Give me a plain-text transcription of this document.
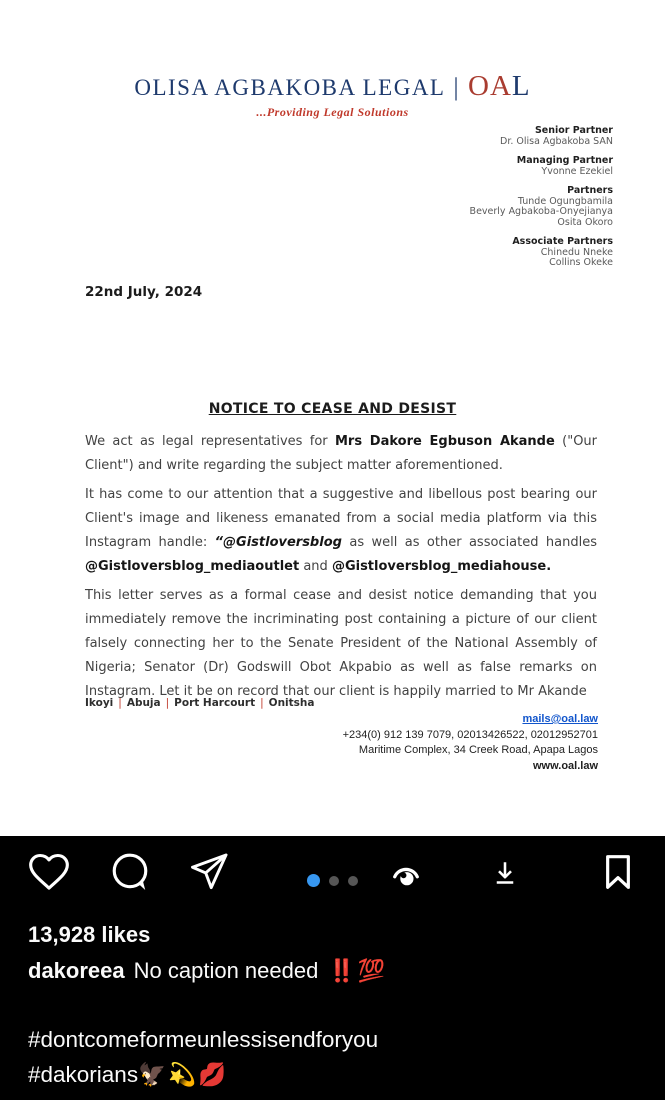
OLISA AGBAKOBA LEGAL | OAL
...Providing Legal Solutions
Senior Partner
Dr. Olisa Agbakoba SAN
Managing Partner
Yvonne Ezekiel
Partners
Tunde Ogungbamila
Beverly Agbakoba-Onyejianya
Osita Okoro
Associate Partners
Chinedu Nneke
Collins Okeke
22nd July, 2024
NOTICE TO CEASE AND DESIST

We act as legal representatives for Mrs Dakore Egbuson Akande ("Our Client") and write regarding the subject matter aforementioned.

It has come to our attention that a suggestive and libellous post bearing our Client's image and likeness emanated from a social media platform via this Instagram handle: “@Gistloversblog as well as other associated handles @Gistloversblog_mediaoutlet and @Gistloversblog_mediahouse.

This letter serves as a formal cease and desist notice demanding that you immediately remove the incriminating post containing a picture of our client falsely connecting her to the Senate President of the National Assembly of Nigeria; Senator (Dr) Godswill Obot Akpabio as well as false remarks on Instagram. Let it be on record that our client is happily married to Mr Akande

Ikoyi | Abuja | Port Harcourt | Onitsha
mails@oal.law
+234(0) 912 139 7079, 02013426522, 02012952701
Maritime Complex, 34 Creek Road, Apapa Lagos
www.oal.law
13,928 likes
dakoreea No caption needed ‼️💯
#dontcomeformeunlessisendforyou
#dakorians🦅💫💋
